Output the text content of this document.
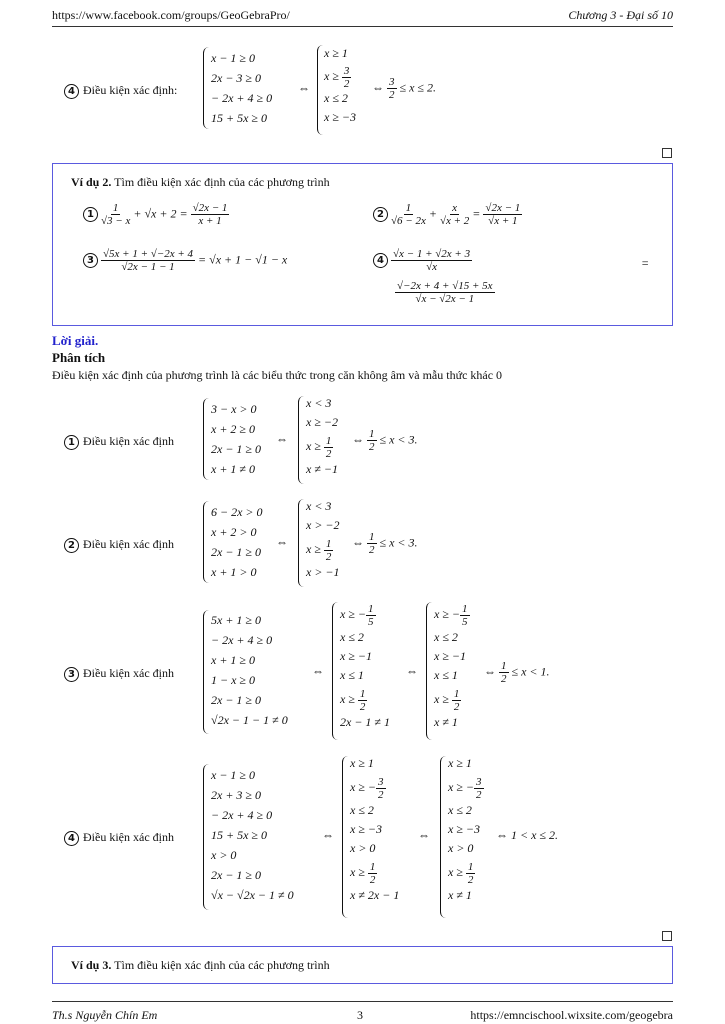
https://www.facebook.com/groups/GeoGebraPro/	Chương 3 - Đại số 10
4 Điều kiện xác định:
x − 1 ≥ 0
2x − 3 ≥ 0
− 2x + 4 ≥ 0
15 + 5x ≥ 0
⇔
x ≥ 1
$x \ge \frac{3}{2}$
x ≤ 2
x ≥ −3
⇔ $\frac{3}{2} \le x \le 2$.
Ví dụ 2. Tìm điều kiện xác định của các phương trình
$1 \frac{1}{√3 - x} + √x + 2 = \frac{√2x - 1}{x + 1}$	$2 \frac{1}{√6 - 2x} + \frac{x}{√x + 2} = \frac{√2x - 1}{√x + 1}$
$3 \frac{√5x + 1 + √-2x + 4}{√2x - 1 - 1} = √x + 1 - √1 - x$	$4 \frac{√x - 1 + √2x + 3}{√x}$	=
$\frac{√-2x + 4 + √15 + 5x}{√x - √2x - 1}$
Lời giải.
Phân tích
Điều kiện xác định của phương trình là các biểu thức trong căn không âm và mẫu thức khác 0
1 Điều kiện xác định
3 − x > 0
x + 2 ≥ 0
2x − 1 ≥ 0
x + 1 ≠ 0
⇔
x < 3
x ≥ −2
$x \ge \frac{1}{2}$
x ≠ −1
⇔ $\frac{1}{2} \le x < 3$.
2 Điều kiện xác định
6 − 2x > 0
x + 2 > 0
2x − 1 ≥ 0
x + 1 > 0
⇔
x < 3
x > −2
$x \ge \frac{1}{2}$
x > −1
⇔ $\frac{1}{2} \le x < 3$.
3 Điều kiện xác định
5x + 1 ≥ 0
− 2x + 4 ≥ 0
x + 1 ≥ 0
1 − x ≥ 0
2x − 1 ≥ 0
√2x − 1 − 1 ≠ 0
⇔
x ≥ − $\frac{1}{5}$
x ≤ 2
x ≥ −1
x ≤ 1
$x \ge \frac{1}{2}$
2x − 1 ≠ 1
⇔
x ≥ − $\frac{1}{5}$
x ≤ 2
x ≥ −1
x ≤ 1
$x \ge \frac{1}{2}$
x ≠ 1
⇔ $\frac{1}{2} \le x < 1$.
4 Điều kiện xác định
x − 1 ≥ 0
2x + 3 ≥ 0
− 2x + 4 ≥ 0
15 + 5x ≥ 0
x > 0
2x − 1 ≥ 0
√x − √2x − 1 ≠ 0
⇔
x ≥ 1
x ≥ − $\frac{3}{2}$
x ≤ 2
x ≥ −3
x > 0
$x \ge \frac{1}{2}$
x ≠ 2x − 1
⇔
x ≥ 1
x ≥ − $\frac{3}{2}$
x ≤ 2
x ≥ −3
x > 0
$x \ge \frac{1}{2}$
x ≠ 1
⇔ 1 < x ≤ 2.
Ví dụ 3. Tìm điều kiện xác định của các phương trình
Th.s Nguyễn Chín Em	3	https://emncischool.wixsite.com/geogebra
